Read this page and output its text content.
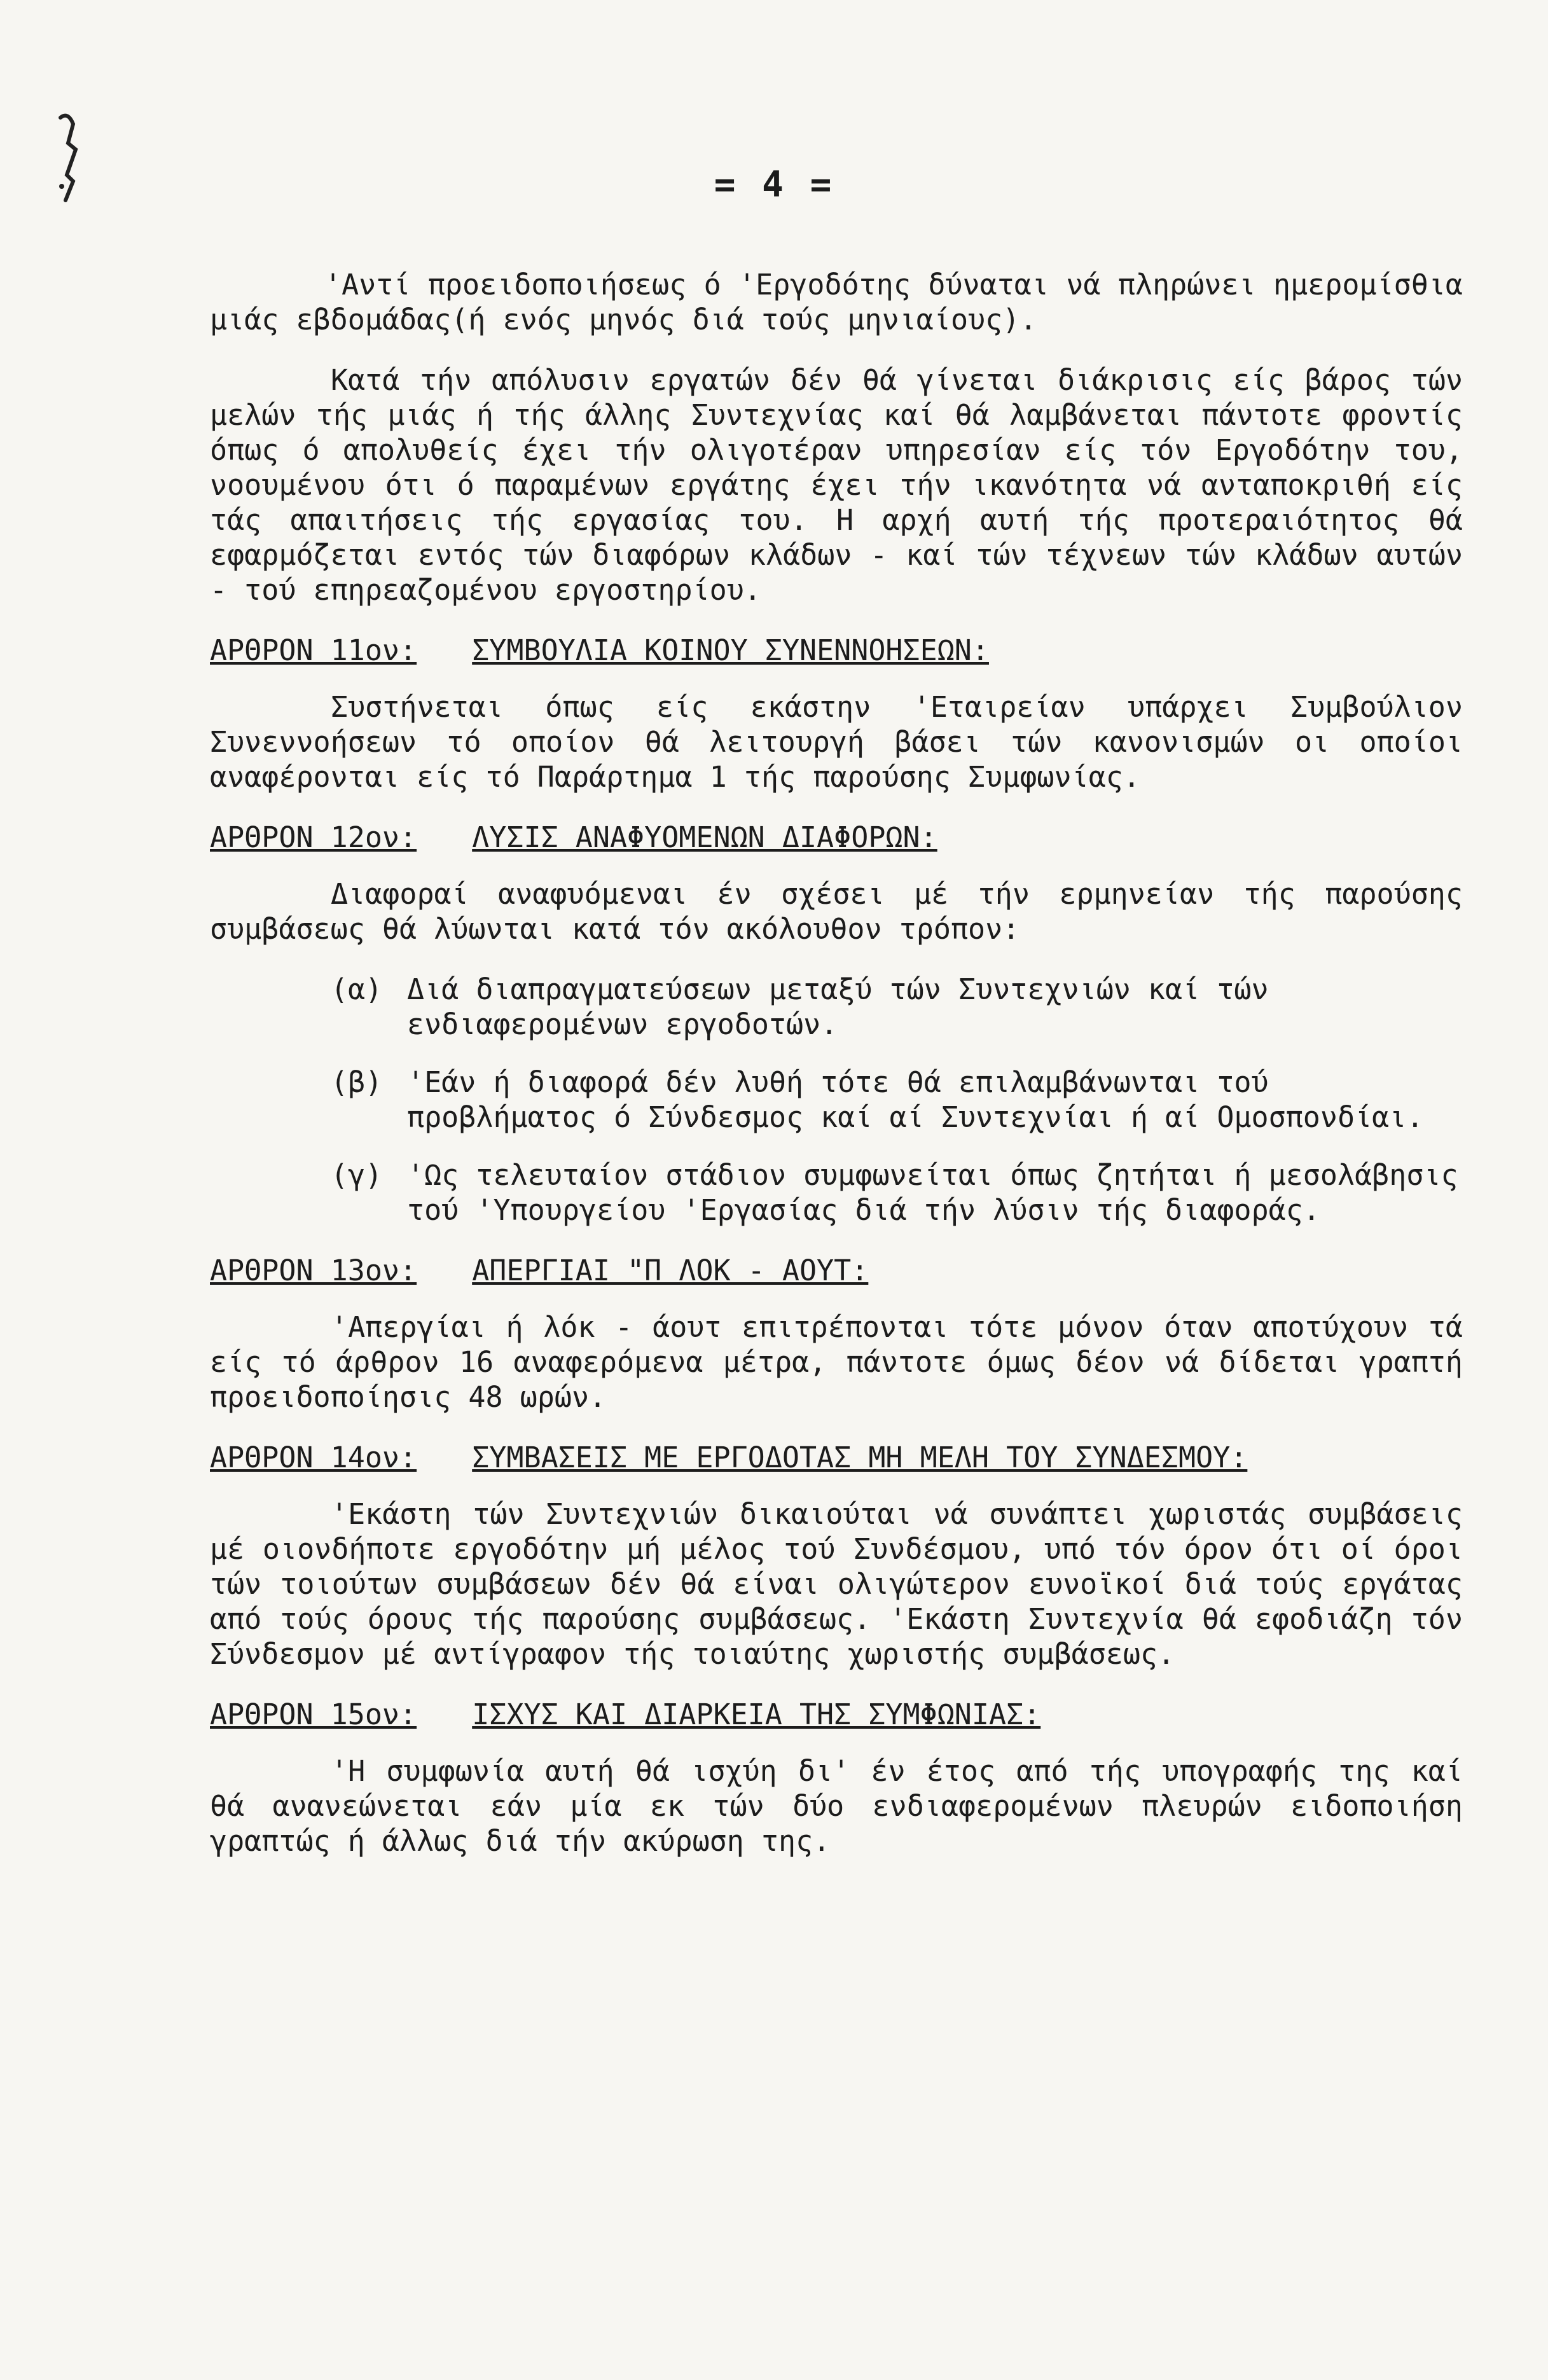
= 4 =

'Αντί προειδοποιήσεως ό 'Εργοδότης δύναται νά πληρώνει ημερομίσθια μιάς εβδομάδας(ή ενός μηνός διά τούς μηνιαίους).

Κατά τήν απόλυσιν εργατών δέν θά γίνεται διάκρισις είς βάρος τών μελών τής μιάς ή τής άλλης Συντεχνίας καί θά λαμβάνεται πάντοτε φροντίς όπως ό απολυθείς έχει τήν ολιγοτέραν υπηρεσίαν είς τόν Εργοδότην του, νοουμένου ότι ό παραμένων εργάτης έχει τήν ικανότητα νά ανταποκριθή είς τάς απαιτήσεις τής εργασίας του. Η αρχή αυτή τής προτεραιότητος θά εφαρμόζεται εντός τών διαφόρων κλάδων - καί τών τέχνεων τών κλάδων αυτών - τού επηρεαζομένου εργοστηρίου.

ΑΡΘΡΟΝ 11ον: ΣΥΜΒΟΥΛΙΑ ΚΟΙΝΟΥ ΣΥΝΕΝΝΟΗΣΕΩΝ:

Συστήνεται όπως είς εκάστην 'Εταιρείαν υπάρχει Συμβούλιον Συνεννοήσεων τό οποίον θά λειτουργή βάσει τών κανονισμών οι οποίοι αναφέρονται είς τό Παράρτημα 1 τής παρούσης Συμφωνίας.

ΑΡΘΡΟΝ 12ον: ΛΥΣΙΣ ΑΝΑΦΥΟΜΕΝΩΝ ΔΙΑΦΟΡΩΝ:

Διαφοραί αναφυόμεναι έν σχέσει μέ τήν ερμηνείαν τής παρούσης συμβάσεως θά λύωνται κατά τόν ακόλουθον τρόπον:

(α) Διά διαπραγματεύσεων μεταξύ τών Συντεχνιών καί τών ενδιαφερομένων εργοδοτών.
(β) 'Εάν ή διαφορά δέν λυθή τότε θά επιλαμβάνωνται τού προβλήματος ό Σύνδεσμος καί αί Συντεχνίαι ή αί Ομοσπονδίαι.
(γ) 'Ως τελευταίον στάδιον συμφωνείται όπως ζητήται ή μεσολάβησις τού 'Υπουργείου 'Εργασίας διά τήν λύσιν τής διαφοράς.
ΑΡΘΡΟΝ 13ον: ΑΠΕΡΓΙΑΙ "Π ΛΟΚ - ΑΟΥΤ:

'Απεργίαι ή λόκ - άουτ επιτρέπονται τότε μόνον όταν αποτύχουν τά είς τό άρθρον 16 αναφερόμενα μέτρα, πάντοτε όμως δέον νά δίδεται γραπτή προειδοποίησις 48 ωρών.

ΑΡΘΡΟΝ 14ον: ΣΥΜΒΑΣΕΙΣ ΜΕ ΕΡΓΟΔΟΤΑΣ ΜΗ ΜΕΛΗ ΤΟΥ ΣΥΝΔΕΣΜΟΥ:

'Εκάστη τών Συντεχνιών δικαιούται νά συνάπτει χωριστάς συμβάσεις μέ οιονδήποτε εργοδότην μή μέλος τού Συνδέσμου, υπό τόν όρον ότι οί όροι τών τοιούτων συμβάσεων δέν θά είναι ολιγώτερον ευνοϊκοί διά τούς εργάτας από τούς όρους τής παρούσης συμβάσεως. 'Εκάστη Συντεχνία θά εφοδιάζη τόν Σύνδεσμον μέ αντίγραφον τής τοιαύτης χωριστής συμβάσεως.

ΑΡΘΡΟΝ 15ον: ΙΣΧΥΣ ΚΑΙ ΔΙΑΡΚΕΙΑ ΤΗΣ ΣΥΜΦΩΝΙΑΣ:

'Η συμφωνία αυτή θά ισχύη δι' έν έτος από τής υπογραφής της καί θά ανανεώνεται εάν μία εκ τών δύο ενδιαφερομένων πλευρών ειδοποιήση γραπτώς ή άλλως διά τήν ακύρωση της.
